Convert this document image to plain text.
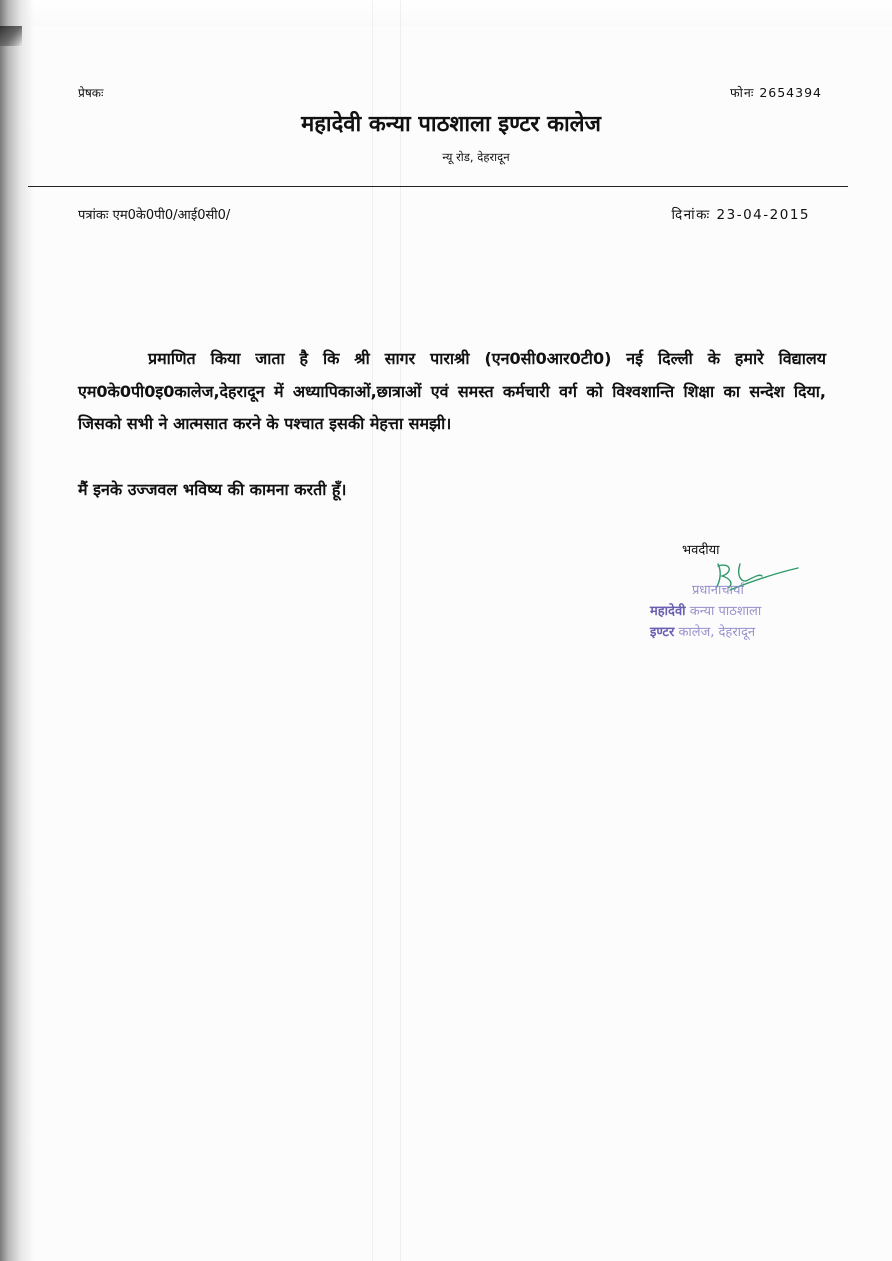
प्रेषकः	फोनः 2654394
महादेवी कन्या पाठशाला इण्टर कालेज
न्यू रोड, देहरादून
पत्रांकः एम0के0पी0/आई0सी0/	दिनांकः 23-04-2015

प्रमाणित किया जाता है कि श्री सागर पाराश्री (एन0सी0आर0टी0) नई दिल्ली के हमारे विद्यालय एम0के0पी0इ0कालेज,देहरादून में अध्यापिकाओं,छात्राओं एवं समस्त कर्मचारी वर्ग को विश्वशान्ति शिक्षा का सन्देश दिया, जिसको सभी ने आत्मसात करने के पश्चात इसकी मेहत्ता समझी।

मैं इनके उज्जवल भविष्य की कामना करती हूँ।
भवदीया
प्रधानाचार्या
महादेवी कन्या पाठशाला
इण्टर कालेज, देहरादून
